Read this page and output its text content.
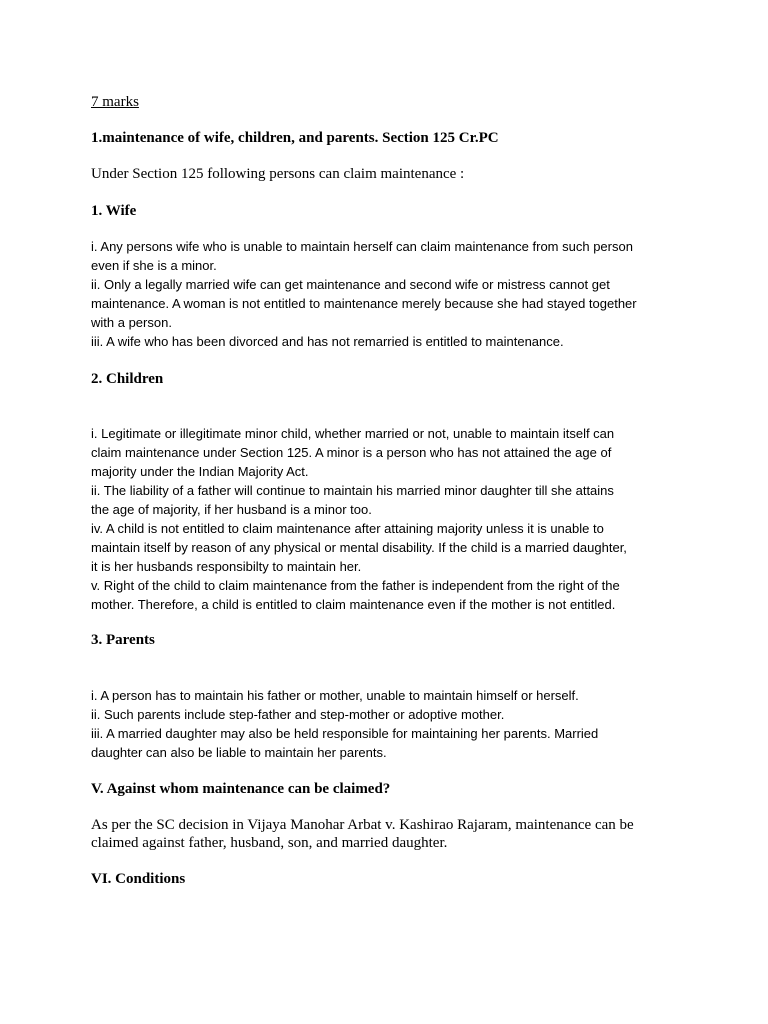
7 marks

1.maintenance of wife, children, and parents. Section 125 Cr.PC

Under Section 125 following persons can claim maintenance :

1. Wife

i. Any persons wife who is unable to maintain herself can claim maintenance from such person
even if she is a minor.
ii. Only a legally married wife can get maintenance and second wife or mistress cannot get
maintenance. A woman is not entitled to maintenance merely because she had stayed together
with a person.
iii. A wife who has been divorced and has not remarried is entitled to maintenance.

2. Children

i. Legitimate or illegitimate minor child, whether married or not, unable to maintain itself can
claim maintenance under Section 125. A minor is a person who has not attained the age of
majority under the Indian Majority Act.
ii. The liability of a father will continue to maintain his married minor daughter till she attains
the age of majority, if her husband is a minor too.
iv. A child is not entitled to claim maintenance after attaining majority unless it is unable to
maintain itself by reason of any physical or mental disability. If the child is a married daughter,
it is her husbands responsibilty to maintain her.
v. Right of the child to claim maintenance from the father is independent from the right of the
mother. Therefore, a child is entitled to claim maintenance even if the mother is not entitled.

3. Parents

i. A person has to maintain his father or mother, unable to maintain himself or herself.
ii. Such parents include step-father and step-mother or adoptive mother.
iii. A married daughter may also be held responsible for maintaining her parents. Married
daughter can also be liable to maintain her parents.

V. Against whom maintenance can be claimed?

As per the SC decision in Vijaya Manohar Arbat v. Kashirao Rajaram, maintenance can be
claimed against father, husband, son, and married daughter.

VI. Conditions
